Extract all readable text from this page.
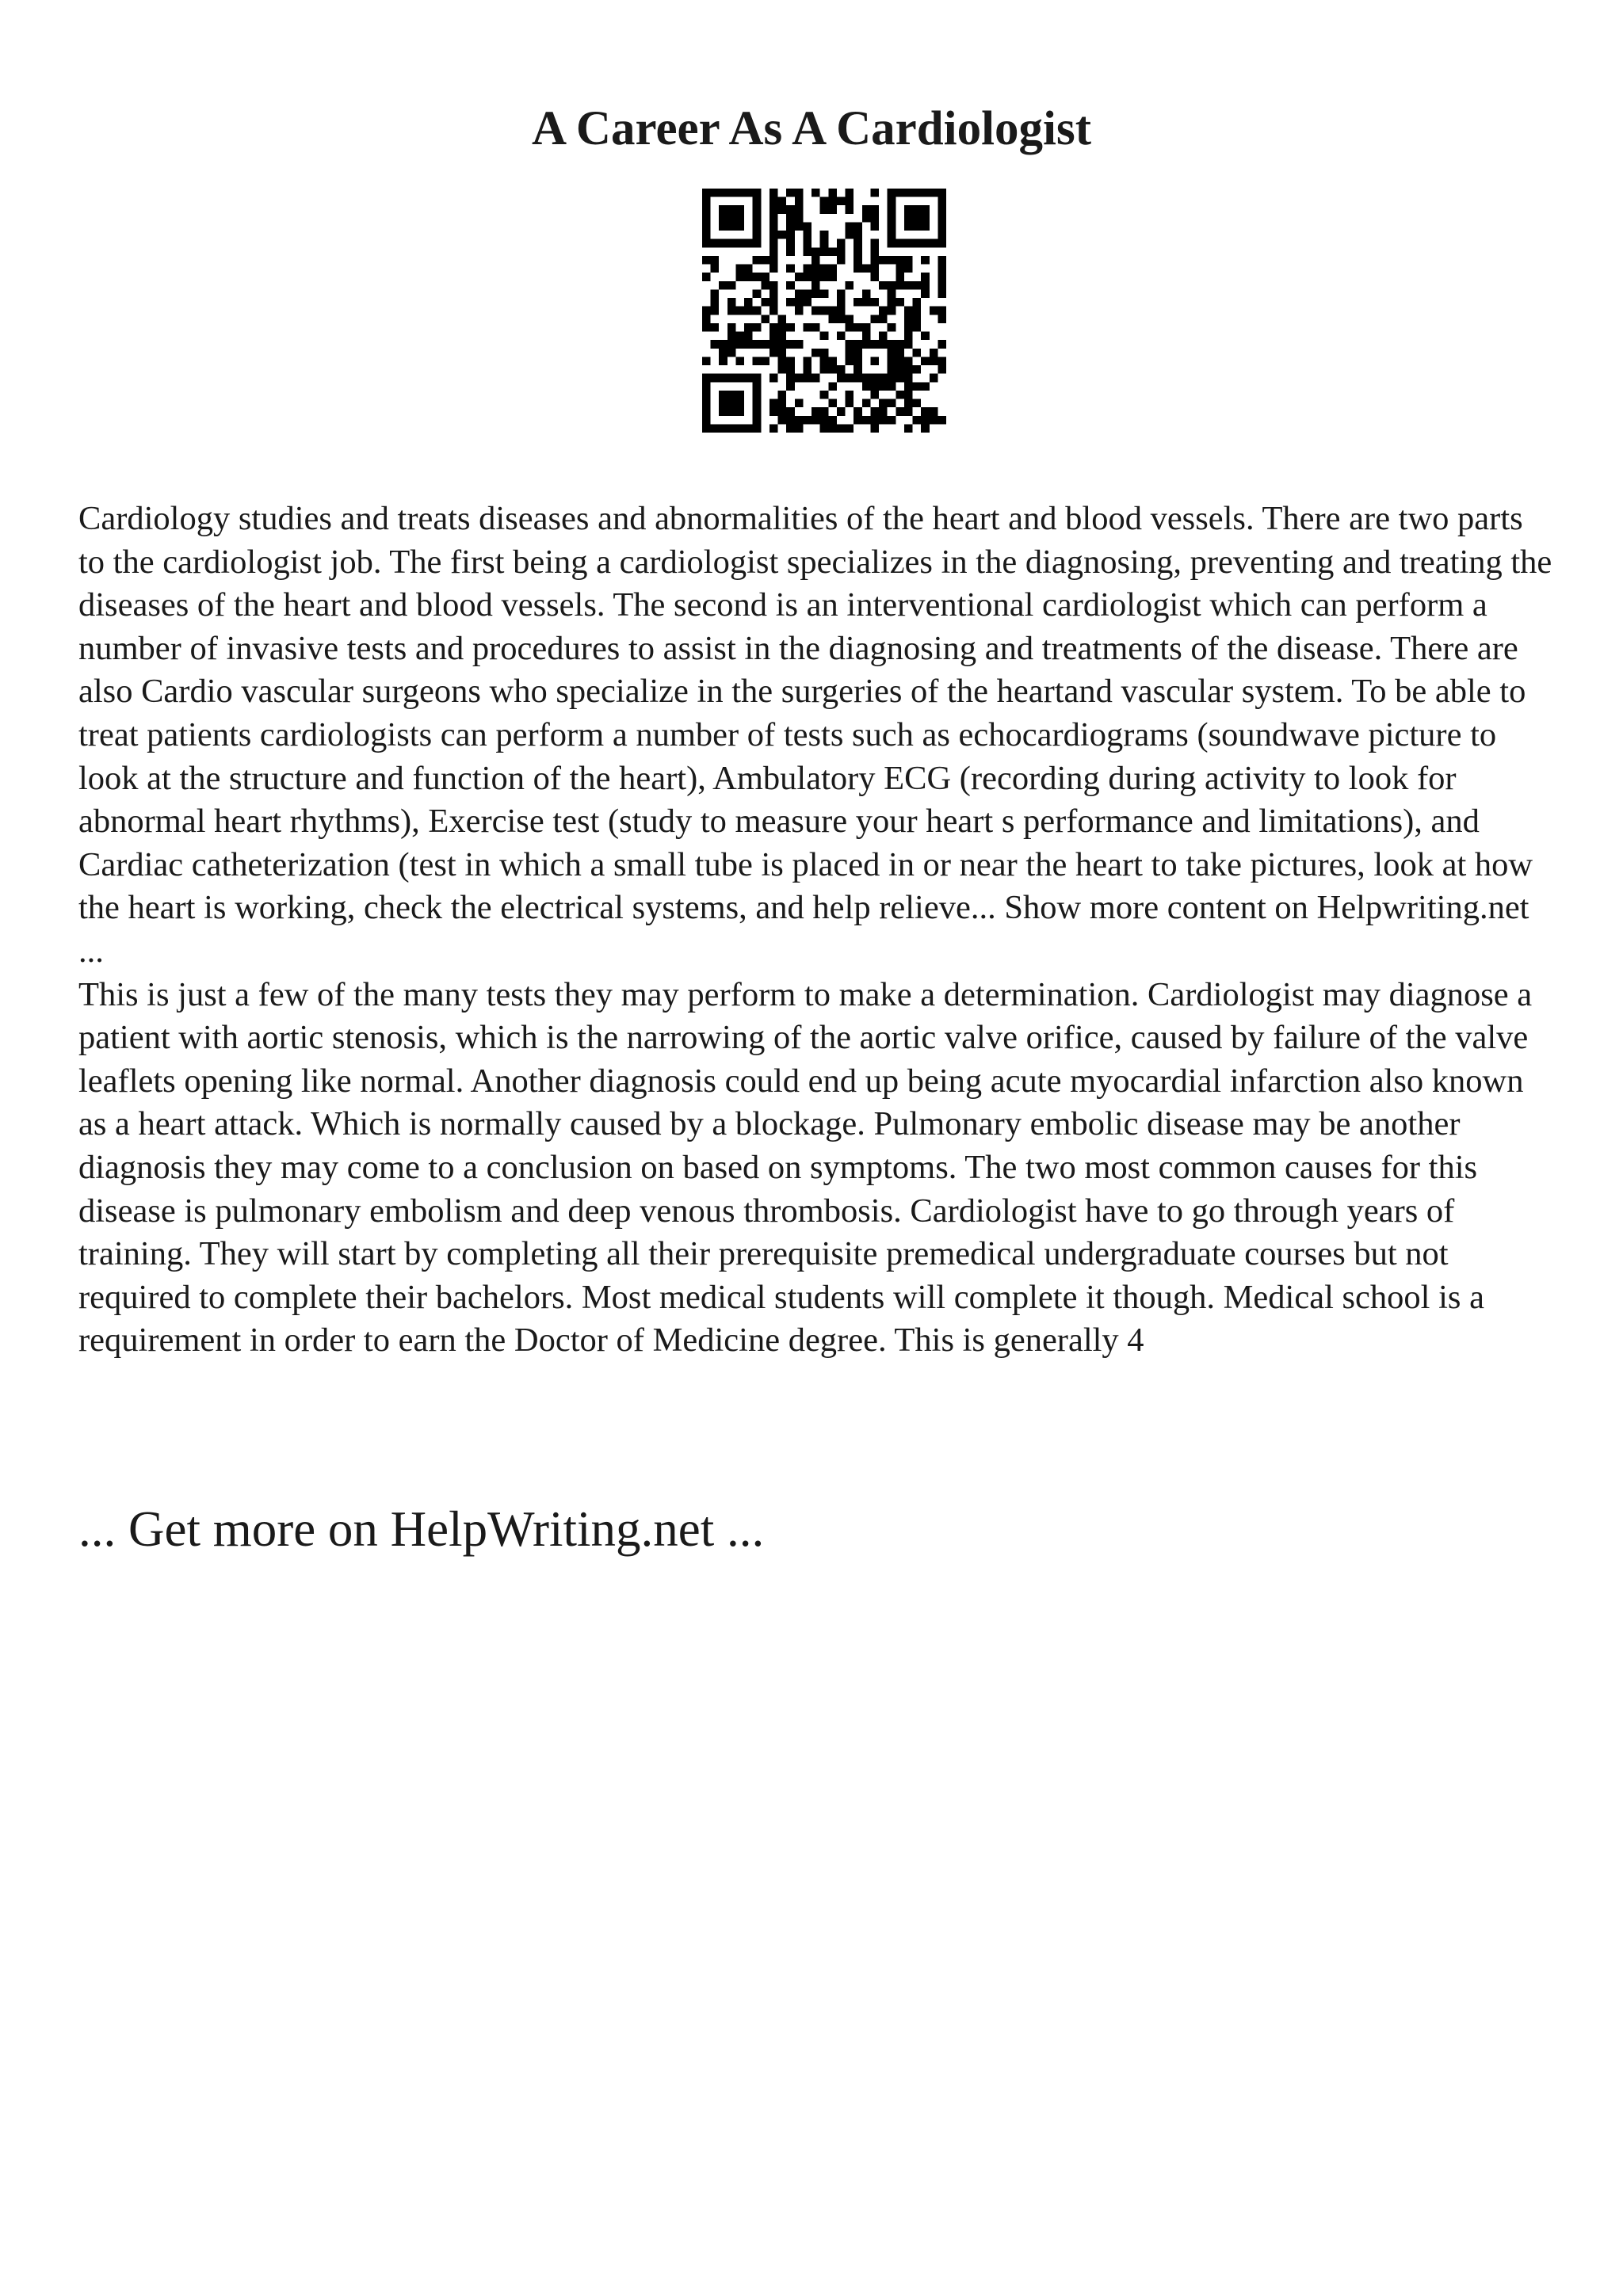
A Career As A Cardiologist

Cardiology studies and treats diseases and abnormalities of the heart and blood vessels. There are two parts to the cardiologist job. The first being a cardiologist specializes in the diagnosing, preventing and treating the diseases of the heart and blood vessels. The second is an interventional cardiologist which can perform a number of invasive tests and procedures to assist in the diagnosing and treatments of the disease. There are also Cardio vascular surgeons who specialize in the surgeries of the heartand vascular system. To be able to treat patients cardiologists can perform a number of tests such as echocardiograms (soundwave picture to look at the structure and function of the heart), Ambulatory ECG (recording during activity to look for abnormal heart rhythms), Exercise test (study to measure your heart s performance and limitations), and Cardiac catheterization (test in which a small tube is placed in or near the heart to take pictures, look at how the heart is working, check the electrical systems, and help relieve... Show more content on Helpwriting.net ...

This is just a few of the many tests they may perform to make a determination. Cardiologist may diagnose a patient with aortic stenosis, which is the narrowing of the aortic valve orifice, caused by failure of the valve leaflets opening like normal. Another diagnosis could end up being acute myocardial infarction also known as a heart attack. Which is normally caused by a blockage. Pulmonary embolic disease may be another diagnosis they may come to a conclusion on based on symptoms. The two most common causes for this disease is pulmonary embolism and deep venous thrombosis. Cardiologist have to go through years of training. They will start by completing all their prerequisite premedical undergraduate courses but not required to complete their bachelors. Most medical students will complete it though. Medical school is a requirement in order to earn the Doctor of Medicine degree. This is generally 4

... Get more on HelpWriting.net ...
